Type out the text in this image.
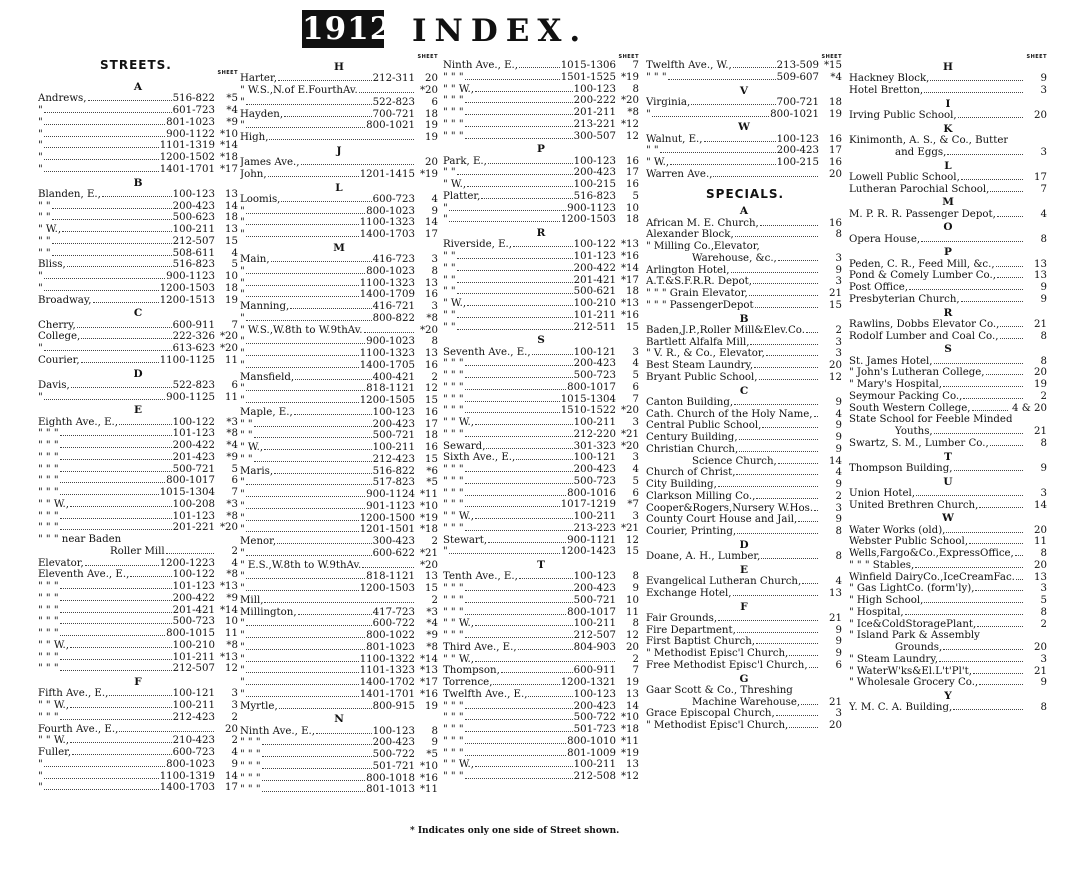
1912 INDEX.
STREETS.
SHEET
A
Andrews,	516-822	*5
"	601-723	*4
"	801-1023	*9
"	900-1122 *10
"	1101-1319 *14
"	1200-1502 *18
"	1401-1701 *17
B
Blanden, E.,	100-123 13
" "	200-423 14
" "	500-623 18
" W.,	100-211 13
" "	212-507 15
" "	508-611	4
Bliss,	516-823	5
"	900-1123 10
"	1200-1503 18
Broadway,	1200-1513 19
C
Cherry,	600-911	7
College,	222-326 *20
"	613-623 *20
Courier,	1100-1125 11
D
Davis,	522-823	6
"	900-1125 11
E
Eighth Ave., E.,	100-122	*3
" " "	101-123	*8
" " "	200-422	*4
" " "	201-423	*9
" " "	500-721	5
" " "	800-1017	6
" " "	1015-1304	7
" " W.,	100-208	*3
" " "	101-123	*8
" " "	201-221 *20
" " " near Baden
Roller Mill	2
Elevator,	1200-1223	4
Eleventh Ave., E.,	100-122	*8
" " "	101-123 *13
" " "	200-422	*9
" " "	201-421 *14
" " "	500-723 10
" " "	800-1015 11
" " W.,	100-210	*8
" " "	101-211 *13
" " "	212-507 12
F
Fifth Ave., E.,	100-121	3
" " W.,	100-211	3
" " "	212-423	2
Fourth Ave., E.,	20
" " W.,	210-423	2
Fuller,	600-723	4
"	800-1023	9
"	1100-1319 14
"	1400-1703 17
SHEET
H
Harter,	212-311 20
" W.S.,N.of E.FourthAv.	*20
"	522-823	6
Hayden,	700-721 18
"	800-1021 19
High,	19
J
James Ave.,	20
John,	1201-1415 *19
L
Loomis,	600-723	4
"	800-1023	9
"	1100-1323 14
"	1400-1703 17
M
Main,	416-723	3
"	800-1023	8
"	1100-1323 13
"	1400-1709 16
Manning,	416-721	3
"	800-822	*8
" W.S.,W.8th to W.9thAv.	*20
"	900-1023	8
"	1100-1323 13
"	1400-1705 16
Mansfield,	400-421	2
"	818-1121 12
"	1200-1505 15
Maple, E.,	100-123 16
" "	200-423 17
" "	500-721 18
" W.,	100-211 16
" "	212-423 15
Maris,	516-822	*6
"	517-823	*5
"	900-1124 *11
"	901-1123 *10
"	1200-1500 *19
"	1201-1501 *18
Menor,	300-423	2
"	600-622 *21
" E.S.,W.8th to W.9thAv.	*20
"	818-1121 13
"	1200-1503 15
Mill,	2
Millington,	417-723	*3
"	600-722	*4
"	800-1022	*9
"	801-1023	*8
"	1100-1322 *14
"	1101-1323 *13
"	1400-1702 *17
"	1401-1701 *16
Myrtle,	800-915 19
N
Ninth Ave., E.,	100-123	8
" " "	200-423	9
" " "	500-722	*5
" " "	501-721 *10
" " "	800-1018 *16
" " "	801-1013 *11
SHEET
Ninth Ave., E.,	1015-1306	7
" " "	1501-1525 *19
" " W.,	100-123	8
" " "	200-222 *20
" " "	201-211	*8
" " "	213-221 *12
" " "	300-507 12
P
Park, E.,	100-123 16
" "	200-423 17
" W.,	100-215 16
Platter,	516-823	5
"	900-1123 10
"	1200-1503 18
R
Riverside, E.,	100-122 *13
" "	101-123 *16
" "	200-422 *14
" "	201-421 *17
" "	500-621 18
" W.,	100-210 *13
" "	101-211 *16
" "	212-511 15
S
Seventh Ave., E.,	100-121	3
" " "	200-423	4
" " "	500-723	5
" " "	800-1017	6
" " "	1015-1304	7
" " "	1510-1522 *20
" " W.,	100-211	3
" " "	212-220 *21
Seward,	301-323 *20
Sixth Ave., E.,	100-121	3
" " "	200-423	4
" " "	500-723	5
" " "	800-1016	6
" " "	1017-1219	*7
" " W.,	100-211	3
" " "	213-223 *21
Stewart,	900-1121 12
"	1200-1423 15
T
Tenth Ave., E.,	100-123	8
" " "	200-423	9
" " "	500-721 10
" " "	800-1017 11
" " W.,	100-211	8
" " "	212-507 12
Third Ave., E.,	804-903 20
" " W.,	2
Thompson,	600-911	7
Torrence,	1200-1321 19
Twelfth Ave., E.,	100-123 13
" " "	200-423 14
" " "	500-722 *10
" " "	501-723 *18
" " "	800-1010 *11
" " "	801-1009 *19
" " W.,	100-211 13
" " "	212-508 *12
SHEET
Twelfth Ave., W.,	213-509 *15
" " "	509-607	*4
V
Virginia,	700-721 18
"	800-1021 19
W
Walnut, E.,	100-123 16
" "	200-423 17
" W.,	100-215 16
Warren Ave.,	20
SPECIALS.
A
African M. E. Church,	16
Alexander Block,	8
" Milling Co.,Elevator,
Warehouse, &c.,	3
Arlington Hotel,	9
A.T.&S.F.R.R. Depot,	3
" " " Grain Elevator,	21
" " " PassengerDepot	15
B
Baden,J.P.,Roller Mill&Elev.Co.	2
Bartlett Alfalfa Mill,	3
" V. R., & Co., Elevator,	3
Best Steam Laundry,	20
Bryant Public School,	12
C
Canton Building,	9
Cath. Church of the Holy Name,	4
Central Public School,	9
Century Building,	9
Christian Church,	9
Science Church,	14
Church of Christ,	4
City Building,	9
Clarkson Milling Co.,	2
Cooper&Rogers,Nursery W.Hos.	3
County Court House and Jail,	9
Courier, Printing,	8
D
Doane, A. H., Lumber,	8
E
Evangelical Lutheran Church,	4
Exchange Hotel,	13
F
Fair Grounds,	21
Fire Department,	9
First Baptist Church,	9
" Methodist Episc'l Church,	9
Free Methodist Episc'l Church,	6
G
Gaar Scott & Co., Threshing
Machine Warehouse,	21
Grace Episcopal Church,	3
" Methodist Episc'l Church,	20
SHEET
H
Hackney Block,	9
Hotel Bretton,	3
I
Irving Public School,	20
K
Kinimonth, A. S., & Co., Butter
and Eggs,	3
L
Lowell Public School,	17
Lutheran Parochial School,	7
M
M. P. R. R. Passenger Depot,	4
O
Opera House,	8
P
Peden, C. R., Feed Mill, &c.,	13
Pond & Comely Lumber Co.,	13
Post Office,	9
Presbyterian Church,	9
R
Rawlins, Dobbs Elevator Co.,	21
Rodolf Lumber and Coal Co.,	8
S
St. James Hotel,	8
" John's Lutheran College,	20
" Mary's Hospital,	19
Seymour Packing Co.,	2
South Western College,	4 & 20
State School for Feeble Minded
Youths,	21
Swartz, S. M., Lumber Co.,	8
T
Thompson Building,	9
U
Union Hotel,	3
United Brethren Church,	14
W
Water Works (old),	20
Webster Public School,	11
Wells,Fargo&Co.,ExpressOffice,	8
" " " Stables,	20
Winfield DairyCo.,IceCreamFac.	13
" Gas LightCo. (form'ly),	3
" High School,	5
" Hospital,	8
" Ice&ColdStoragePlant,	2
" Island Park & Assembly
Grounds,	20
" Steam Laundry,	3
" WaterW'ks&El.L't'Pl't,	21
" Wholesale Grocery Co.,	9
Y
Y. M. C. A. Building,	8
* Indicates only one side of Street shown.
